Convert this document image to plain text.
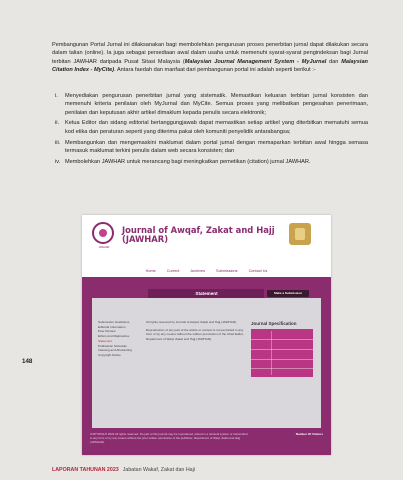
Pembangunan Portal Jurnal ini dilaksanakan bagi membolehkan pengurusan proses penerbitan jurnal dapat dilakukan secara dalam talian (online). Ia juga sebagai persediaan awal dalam usaha untuk memenuhi syarat-syarat pengindeksan bagi Jurnal terbitan JAWHAR daripada Pusat Sitasi Malaysia (Malaysian Journal Management System - MyJurnal dan Malaysian Citation Index - MyCite). Antara faedah dan manfaat dari pembangunan portal ini adalah seperti berikut :-
i. Menyediakan pengurusan penerbitan jurnal yang sistematik. Memastikan keluaran terbitan jurnal konsisten dan memenuhi kriteria penilaian oleh MyJurnal dan MyCite. Semua proses yang melibatkan pengesahan penerimaan, penilaian dan keputusan akhir artikel dimaklum kepada penulis secara elektronik;
ii. Ketua Editor dan sidang editorial bertanggungjawab dapat memastikan setiap artikel yang diterbitkan mematuhi semua kod etika dan peraturan seperti yang diterima pakai oleh komuniti penyelidik antarabangsa;
iii. Membangunkan dan mengemaskini maklumat dalam portal jurnal dengan memaparkan terbitan awal hingga semasa termasuk maklumat terkini penulis dalam web secara konsisten; dan
iv. Membolehkan JAWHAR untuk merancang bagi meningkatkan pemetikan (citation) jurnal JAWHAR.
JAWHAR
Journal of Awqaf, Zakat and Hajj
(JAWHAR)
Home	Current	Archives	Submissions	Contact Us
Statement	Make a Submission
Submission Guidelines
Editorial Information
Peer Review
Ethics And Malpractice
Statement
Publication Schedule
Indexing and Abstracting
Copyright Notice

All rights reserved by Journal of Awqaf, Zakat and Hajj (JAWHAR).

Reproduction of any part of the article or content is not permitted in any form or by any means without the written permission of the Chief Editor, Department of Waqf, Zakat and Hajj (JAWHAR).

Journal Specification
COPYRIGHT 2024 All rights reserved. No part of this journal may be reproduced, stored in a retrieval system or transmitted in any form or by any means without the prior written permission of the publisher, Department of Waqf, Zakat and Hajj (JAWHAR).
Number Of Visitors
148
LAPORAN TAHUNAN 2023 Jabatan Wakaf, Zakat dan Haji
